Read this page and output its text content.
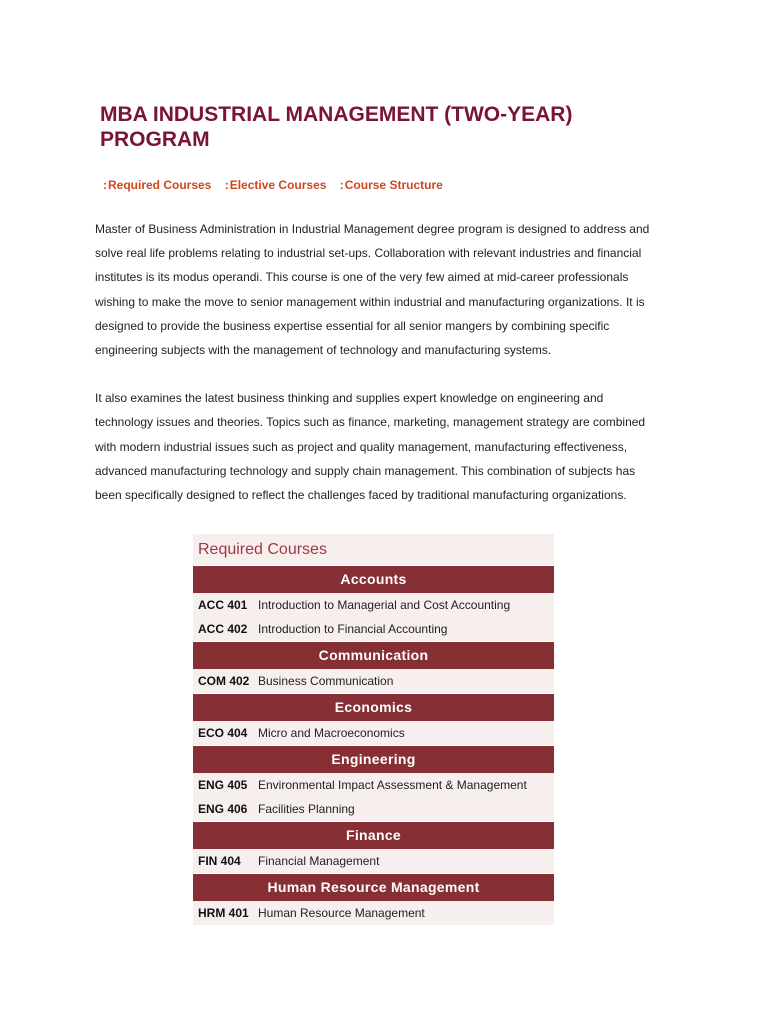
MBA INDUSTRIAL MANAGEMENT (TWO-YEAR) PROGRAM
:Required Courses :Elective Courses :Course Structure

Master of Business Administration in Industrial Management degree program is designed to address and solve real life problems relating to industrial set-ups. Collaboration with relevant industries and financial institutes is its modus operandi. This course is one of the very few aimed at mid-career professionals wishing to make the move to senior management within industrial and manufacturing organizations. It is designed to provide the business expertise essential for all senior mangers by combining specific engineering subjects with the management of technology and manufacturing systems.

It also examines the latest business thinking and supplies expert knowledge on engineering and technology issues and theories. Topics such as finance, marketing, management strategy are combined with modern industrial issues such as project and quality management, manufacturing effectiveness, advanced manufacturing technology and supply chain management. This combination of subjects has been specifically designed to reflect the challenges faced by traditional manufacturing organizations.

Required Courses
Accounts
ACC 401 Introduction to Managerial and Cost Accounting
ACC 402 Introduction to Financial Accounting
Communication
COM 402 Business Communication
Economics
ECO 404 Micro and Macroeconomics
Engineering
ENG 405 Environmental Impact Assessment & Management
ENG 406 Facilities Planning
Finance
FIN 404	Financial Management
Human Resource Management
HRM 401 Human Resource Management
